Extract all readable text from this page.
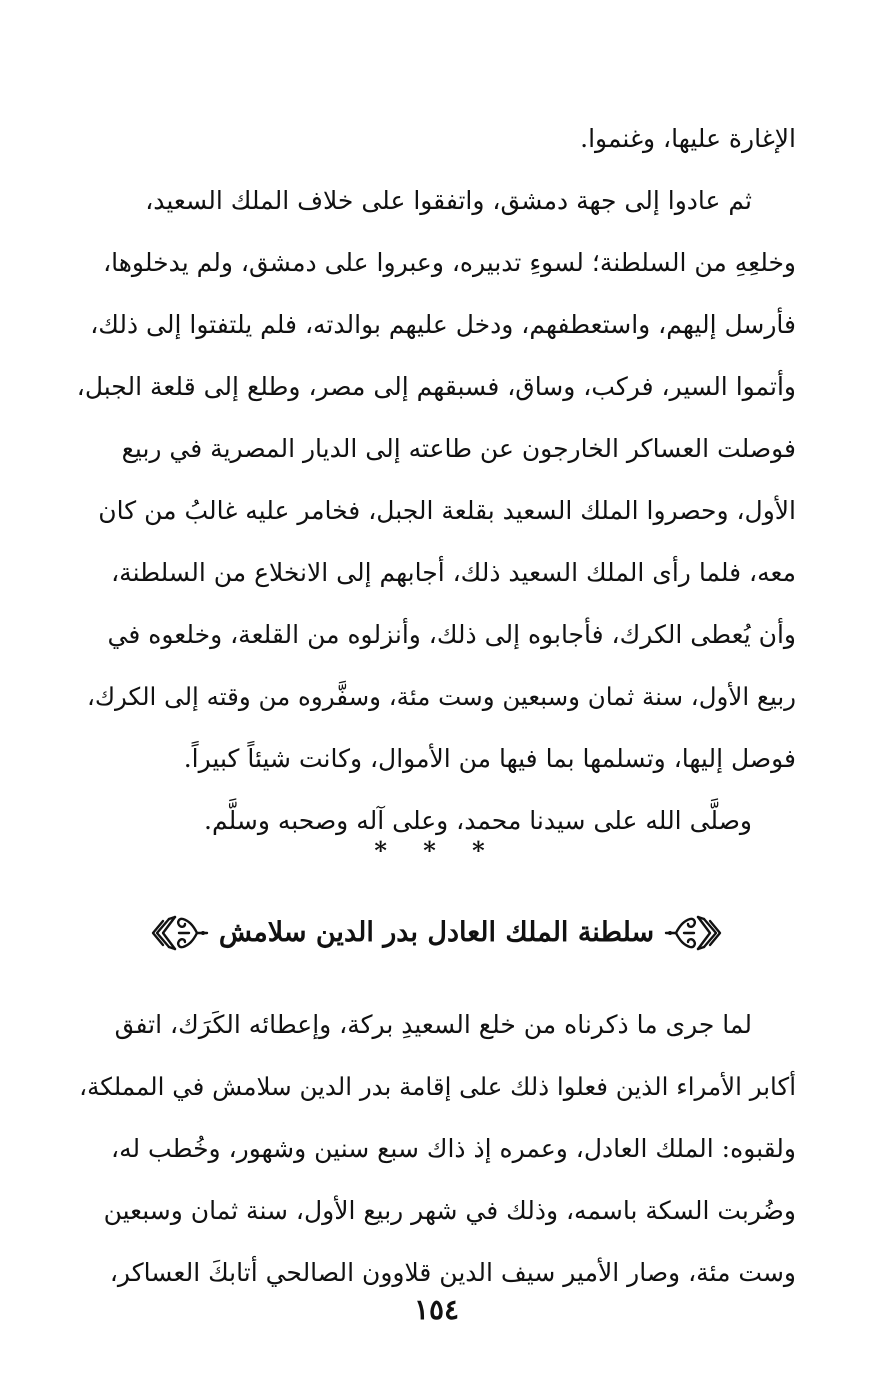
الإغارة عليها، وغنموا.
ثم عادوا إلى جهة دمشق، واتفقوا على خلاف الملك السعيد،
وخلعِهِ من السلطنة؛ لسوءِ تدبيره، وعبروا على دمشق، ولم يدخلوها،
فأرسل إليهم، واستعطفهم، ودخل عليهم بوالدته، فلم يلتفتوا إلى ذلك،
وأتموا السير، فركب، وساق، فسبقهم إلى مصر، وطلع إلى قلعة الجبل،
فوصلت العساكر الخارجون عن طاعته إلى الديار المصرية في ربيع
الأول، وحصروا الملك السعيد بقلعة الجبل، فخامر عليه غالبُ من كان
معه، فلما رأى الملك السعيد ذلك، أجابهم إلى الانخلاع من السلطنة،
وأن يُعطى الكرك، فأجابوه إلى ذلك، وأنزلوه من القلعة، وخلعوه في
ربيع الأول، سنة ثمان وسبعين وست مئة، وسفَّروه من وقته إلى الكرك،
فوصل إليها، وتسلمها بما فيها من الأموال، وكانت شيئاً كبيراً.
وصلَّى الله على سيدنا محمد، وعلى آله وصحبه وسلَّم.
* * *
سلطنة الملك العادل بدر الدين سلامش
لما جرى ما ذكرناه من خلع السعيدِ بركة، وإعطائه الكَرَك، اتفق
أكابر الأمراء الذين فعلوا ذلك على إقامة بدر الدين سلامش في المملكة،
ولقبوه: الملك العادل، وعمره إذ ذاك سبع سنين وشهور، وخُطب له،
وضُربت السكة باسمه، وذلك في شهر ربيع الأول، سنة ثمان وسبعين
وست مئة، وصار الأمير سيف الدين قلاوون الصالحي أتابكَ العساكر،
١٥٤
